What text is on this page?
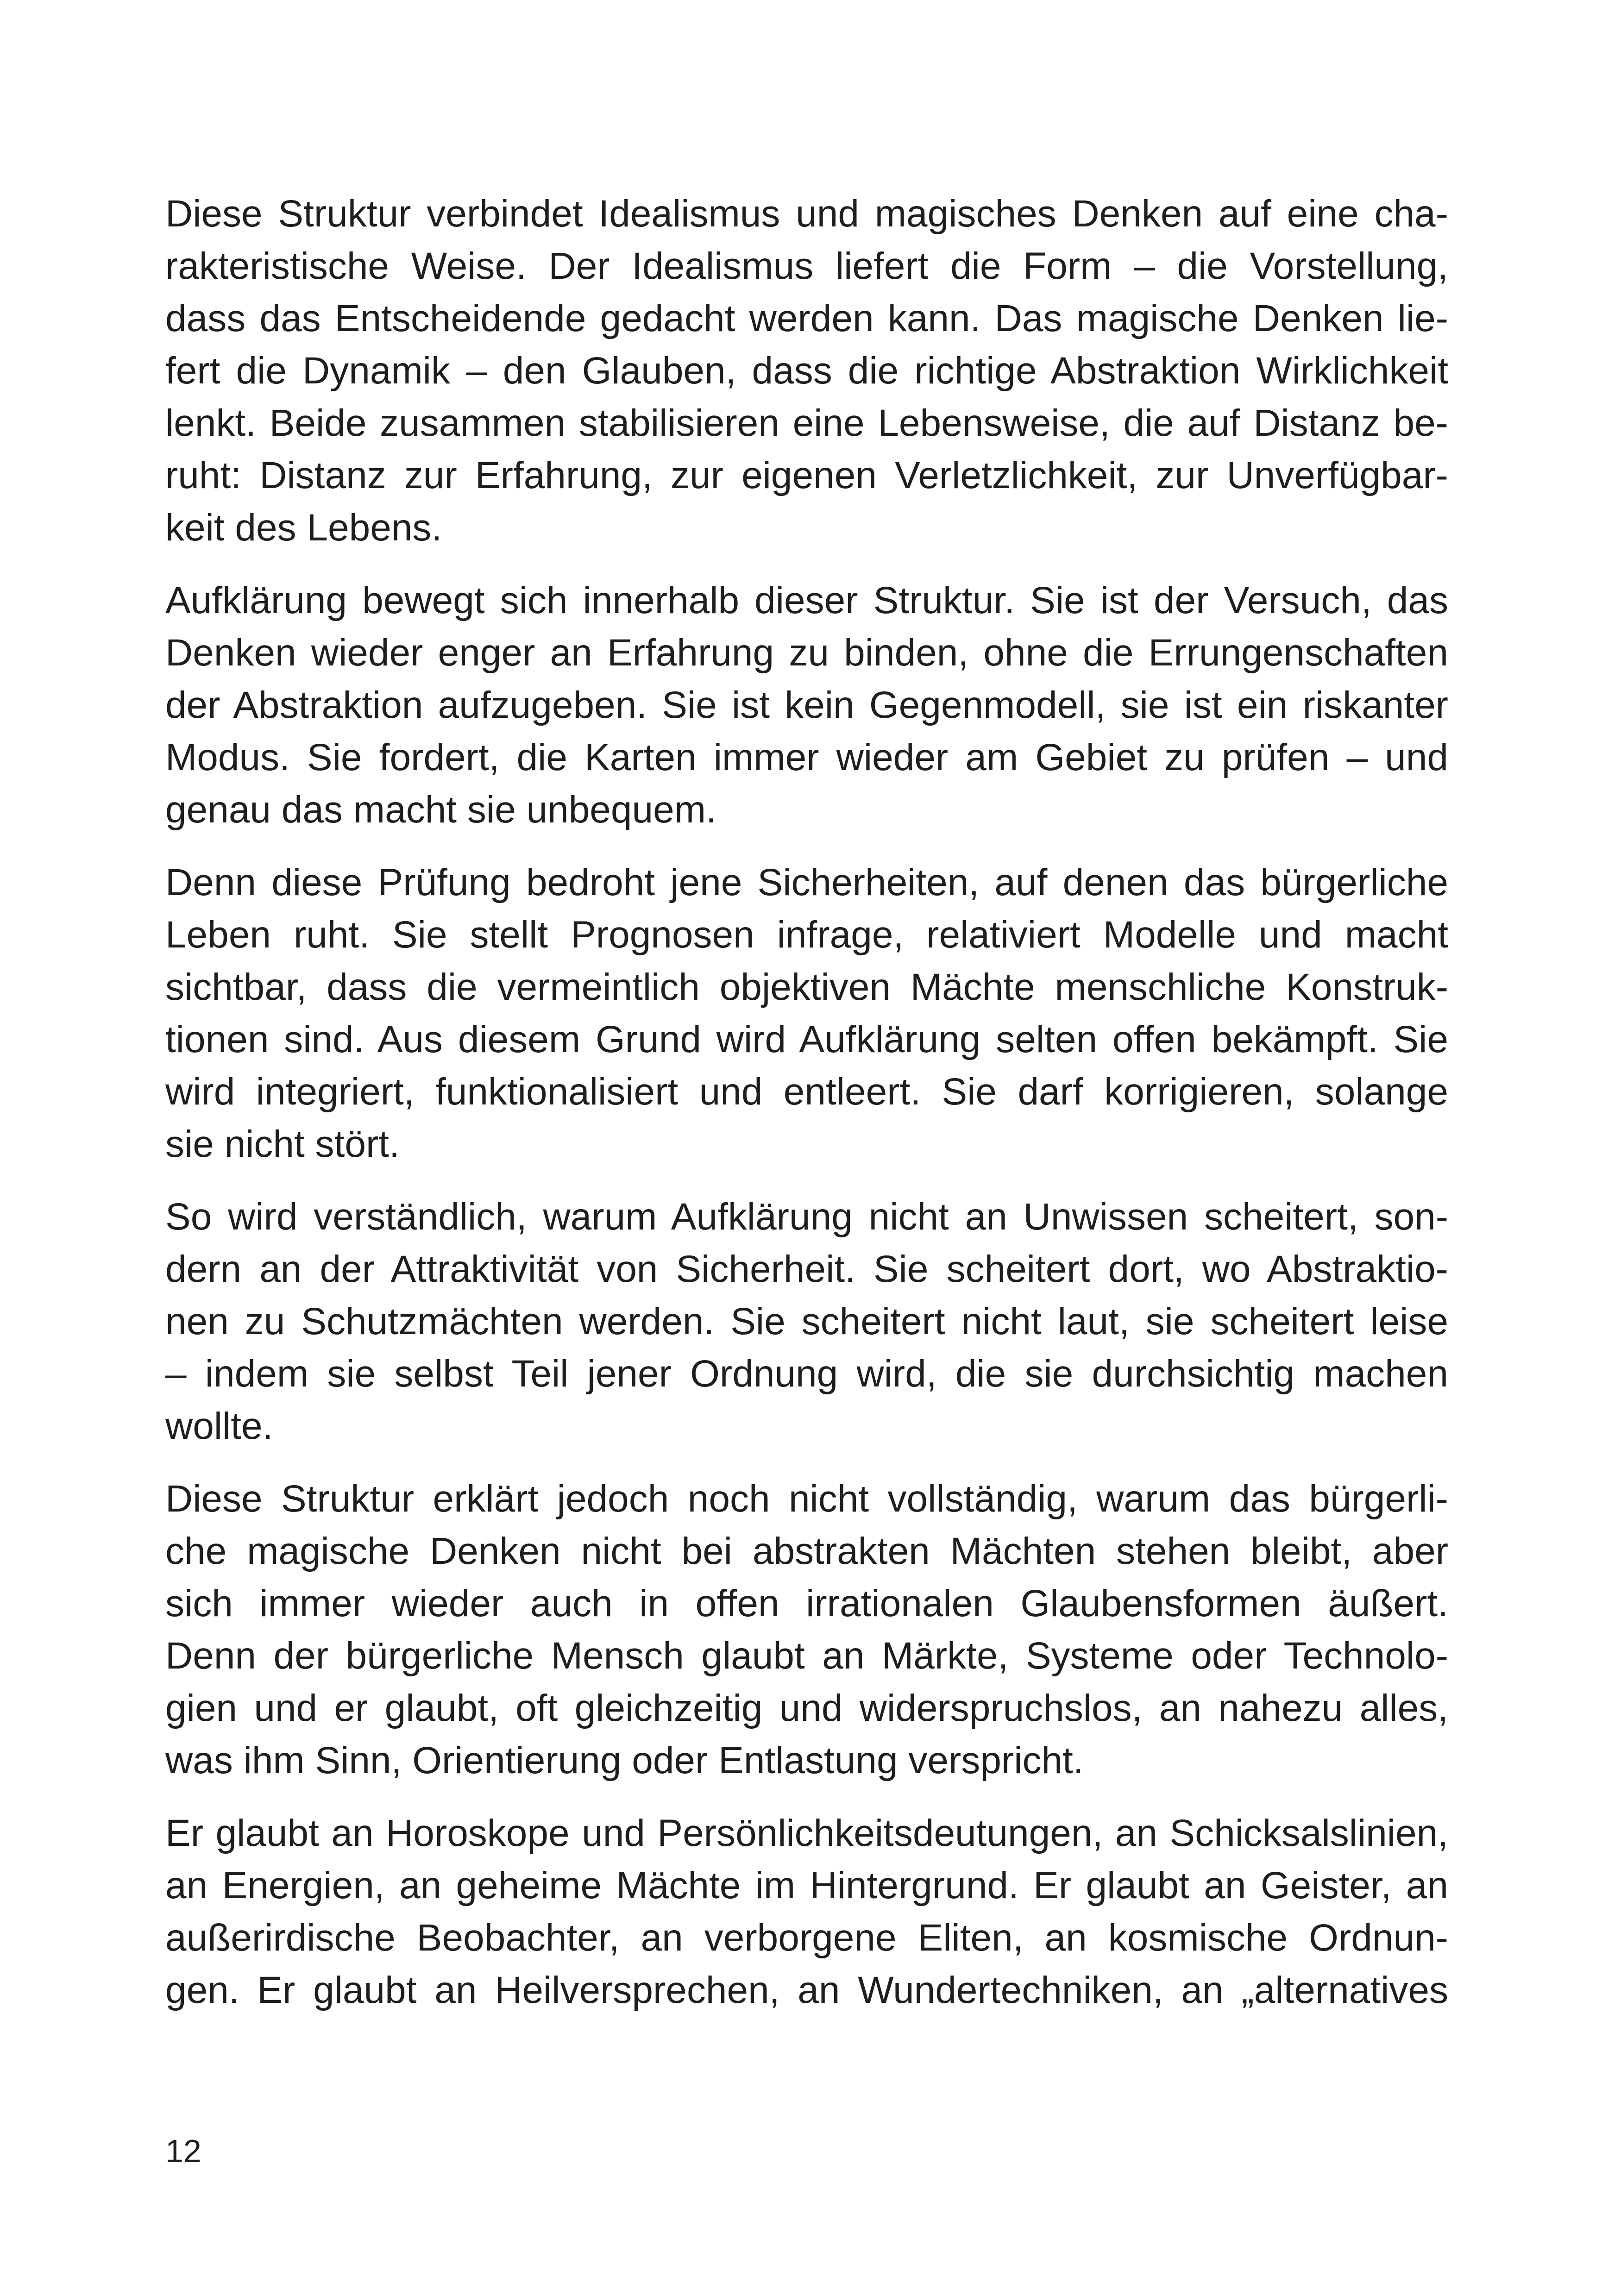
Diese Struktur verbindet Idealismus und magisches Denken auf eine cha-
rakteristische Weise. Der Idealismus liefert die Form – die Vorstellung,
dass das Entscheidende gedacht werden kann. Das magische Denken lie-
fert die Dynamik – den Glauben, dass die richtige Abstraktion Wirklichkeit
lenkt. Beide zusammen stabilisieren eine Lebensweise, die auf Distanz be-
ruht: Distanz zur Erfahrung, zur eigenen Verletzlichkeit, zur Unverfügbar-
keit des Lebens.

Aufklärung bewegt sich innerhalb dieser Struktur. Sie ist der Versuch, das
Denken wieder enger an Erfahrung zu binden, ohne die Errungenschaften
der Abstraktion aufzugeben. Sie ist kein Gegenmodell, sie ist ein riskanter
Modus. Sie fordert, die Karten immer wieder am Gebiet zu prüfen – und
genau das macht sie unbequem.

Denn diese Prüfung bedroht jene Sicherheiten, auf denen das bürgerliche
Leben ruht. Sie stellt Prognosen infrage, relativiert Modelle und macht
sichtbar, dass die vermeintlich objektiven Mächte menschliche Konstruk-
tionen sind. Aus diesem Grund wird Aufklärung selten offen bekämpft. Sie
wird integriert, funktionalisiert und entleert. Sie darf korrigieren, solange
sie nicht stört.

So wird verständlich, warum Aufklärung nicht an Unwissen scheitert, son-
dern an der Attraktivität von Sicherheit. Sie scheitert dort, wo Abstraktio-
nen zu Schutzmächten werden. Sie scheitert nicht laut, sie scheitert leise
– indem sie selbst Teil jener Ordnung wird, die sie durchsichtig machen
wollte.

Diese Struktur erklärt jedoch noch nicht vollständig, warum das bürgerli-
che magische Denken nicht bei abstrakten Mächten stehen bleibt, aber
sich immer wieder auch in offen irrationalen Glaubensformen äußert.
Denn der bürgerliche Mensch glaubt an Märkte, Systeme oder Technolo-
gien und er glaubt, oft gleichzeitig und widerspruchslos, an nahezu alles,
was ihm Sinn, Orientierung oder Entlastung verspricht.

Er glaubt an Horoskope und Persönlichkeitsdeutungen, an Schicksalslinien,
an Energien, an geheime Mächte im Hintergrund. Er glaubt an Geister, an
außerirdische Beobachter, an verborgene Eliten, an kosmische Ordnun-
gen. Er glaubt an Heilversprechen, an Wundertechniken, an „alternatives

12
